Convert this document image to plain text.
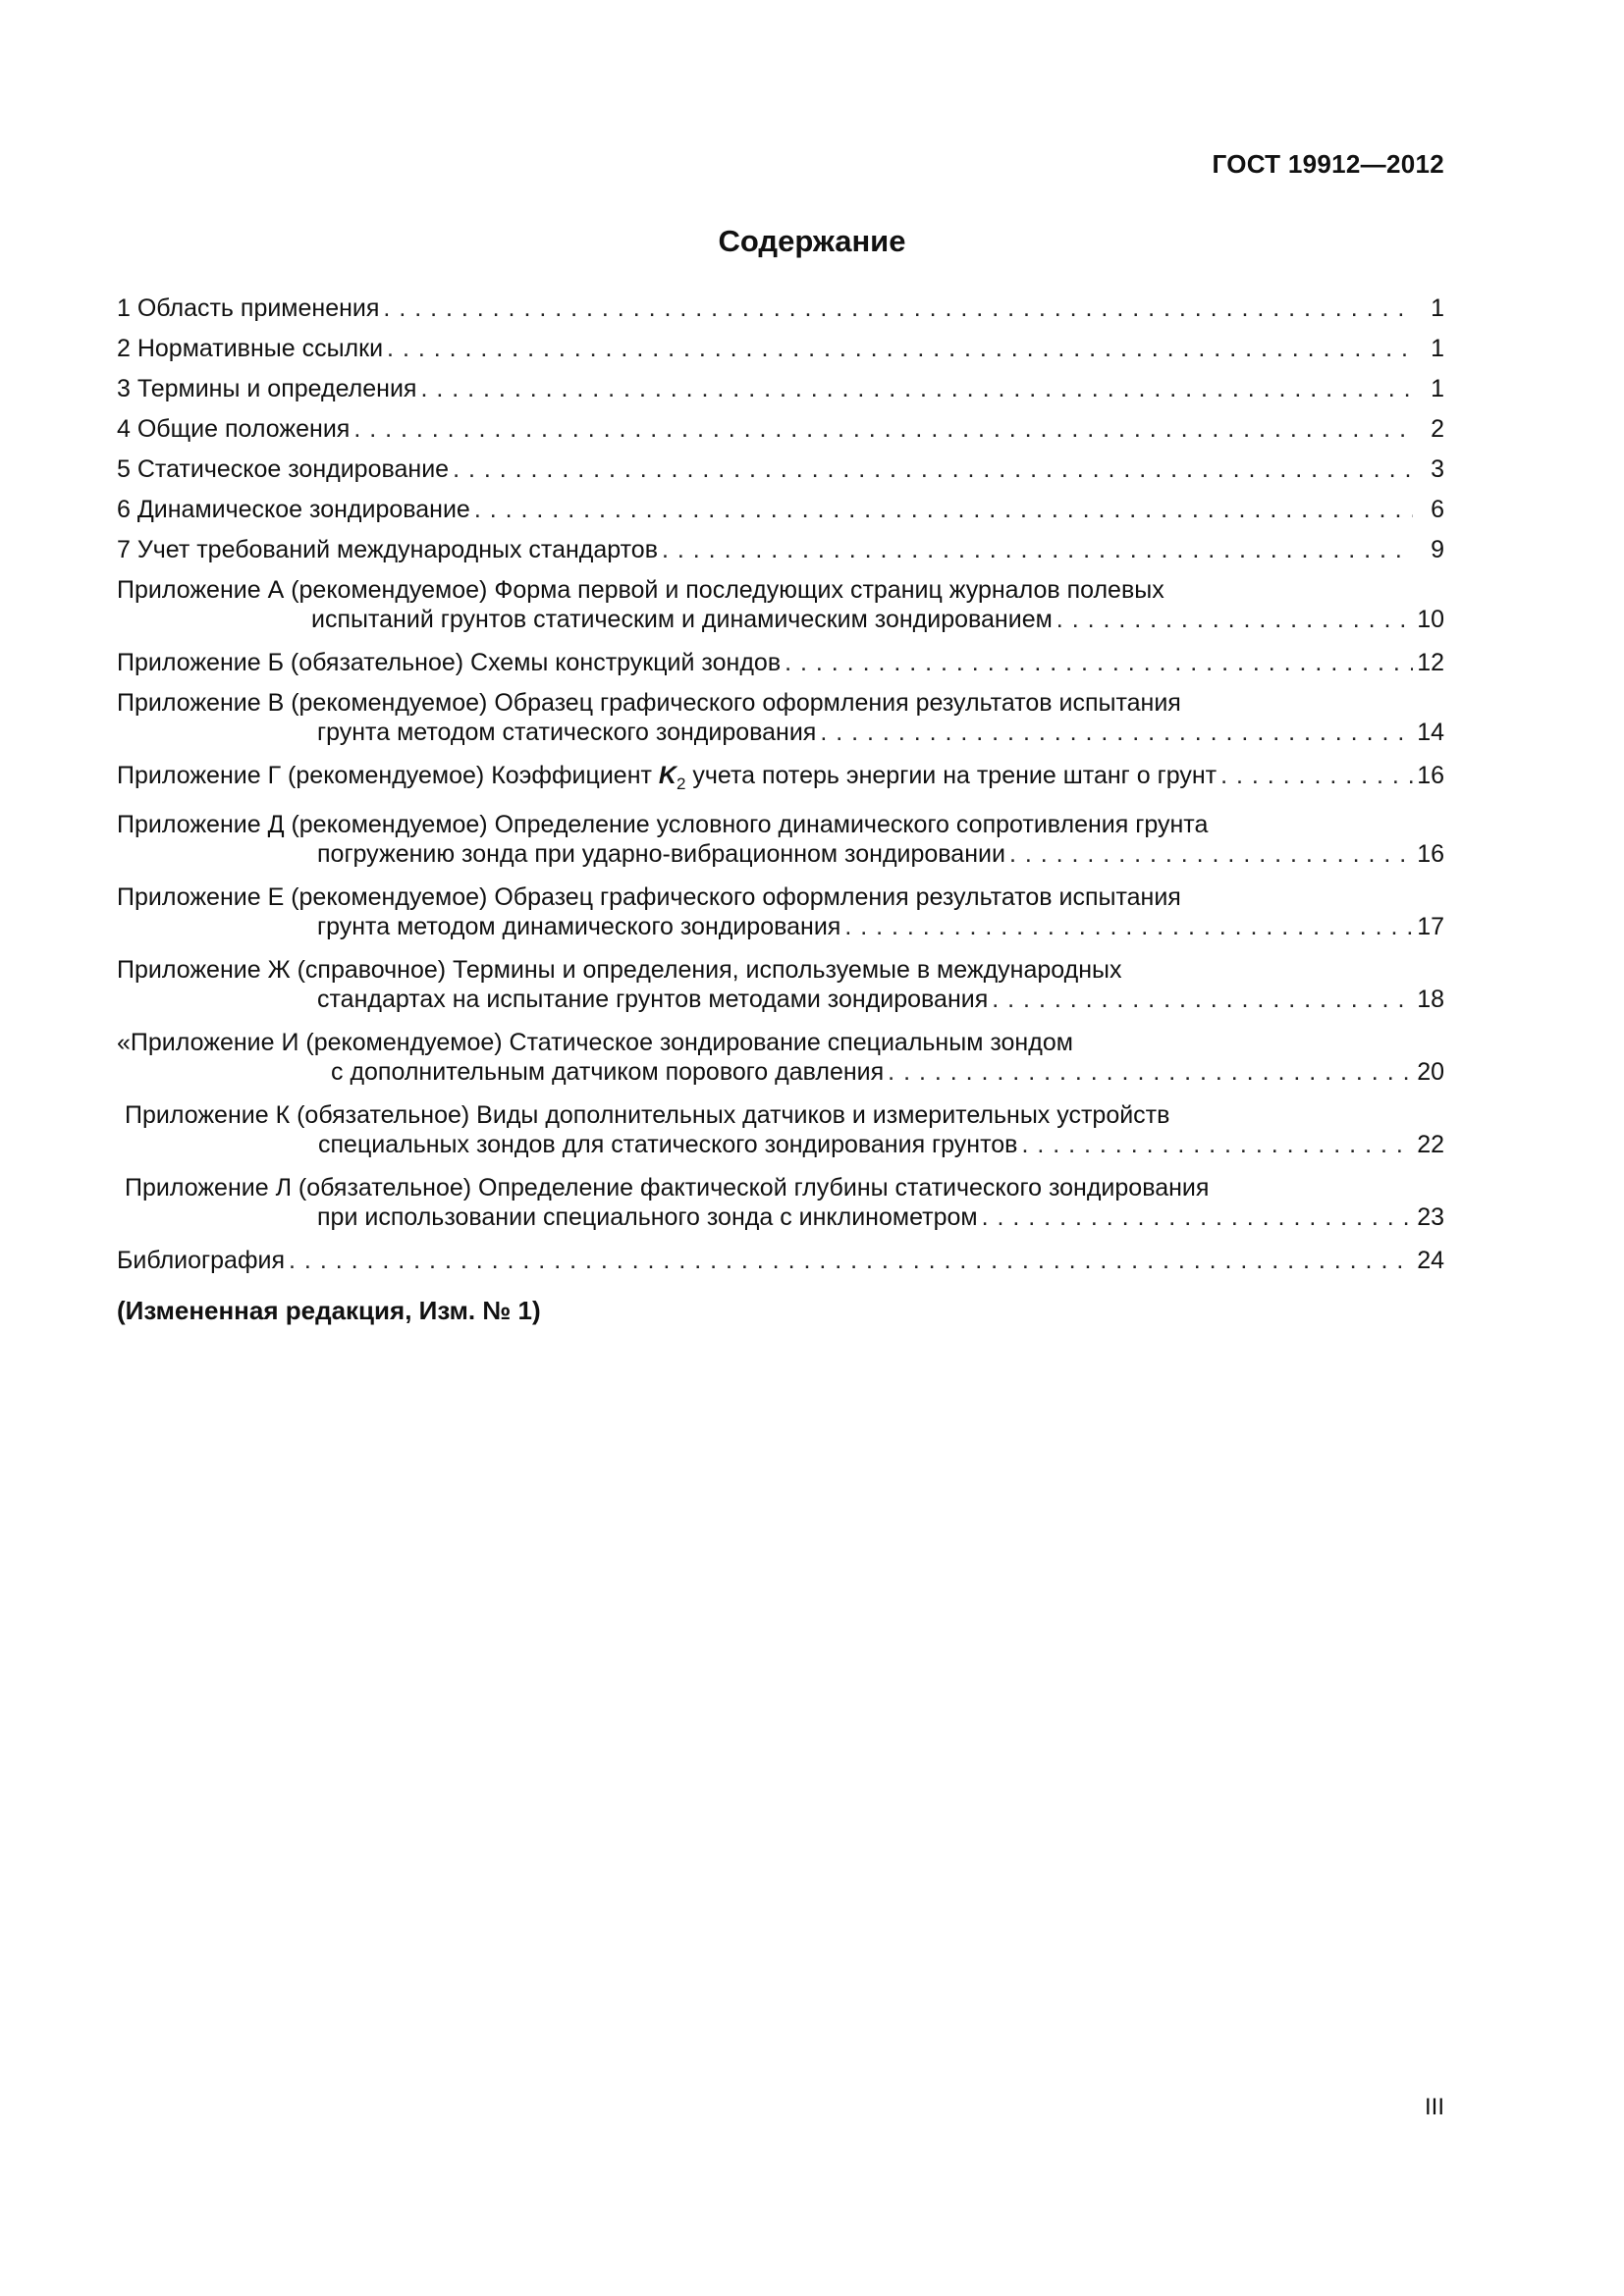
ГОСТ 19912—2012
Содержание
1 Область применения . . .	1
2 Нормативные ссылки . . .	1
3 Термины и определения . . .	1
4 Общие положения . . .	2
5 Статическое зондирование . . .	3
6 Динамическое зондирование . . .	6
7 Учет требований международных стандартов . . .	9
Приложение А (рекомендуемое) Форма первой и последующих страниц журналов полевых
испытаний грунтов статическим и динамическим зондированием . . .	10
Приложение Б (обязательное) Схемы конструкций зондов . . .	12
Приложение В (рекомендуемое) Образец графического оформления результатов испытания
грунта методом статического зондирования . . .	14
Приложение Г (рекомендуемое) Коэффициент $K_2$ учета потерь энергии на трение штанг о грунт . . .	16
Приложение Д (рекомендуемое) Определение условного динамического сопротивления грунта
погружению зонда при ударно-вибрационном зондировании . . .	16
Приложение Е (рекомендуемое) Образец графического оформления результатов испытания
грунта методом динамического зондирования . . .	17
Приложение Ж (справочное) Термины и определения, используемые в международных
стандартах на испытание грунтов методами зондирования . . .	18
«Приложение И (рекомендуемое) Статическое зондирование специальным зондом
с дополнительным датчиком порового давления . . .	20
Приложение К (обязательное) Виды дополнительных датчиков и измерительных устройств
специальных зондов для статического зондирования грунтов . . .	22
Приложение Л (обязательное) Определение фактической глубины статического зондирования
при использовании специального зонда с инклинометром . . .	23
Библиография . . .	24
(Измененная редакция, Изм. № 1)
III
